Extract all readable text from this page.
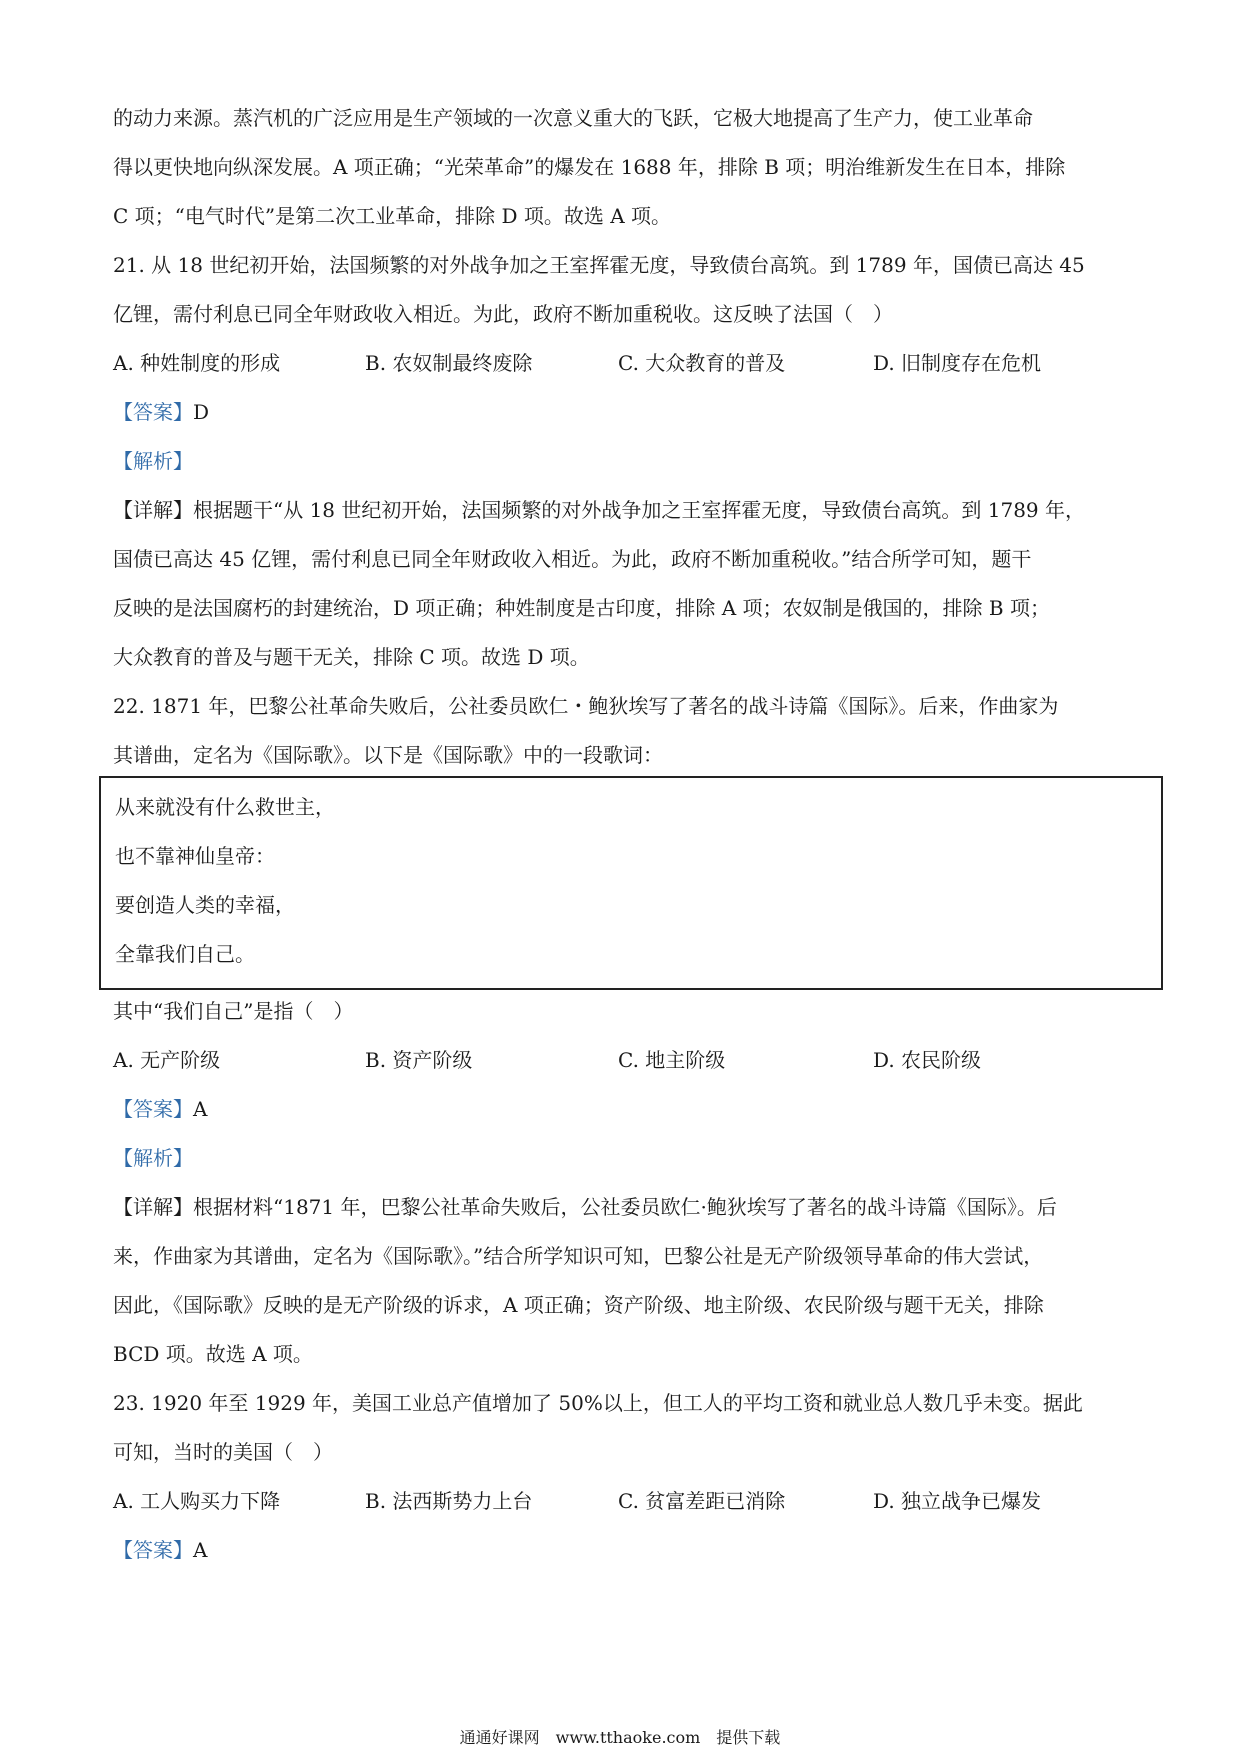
的动力来源。蒸汽机的广泛应用是生产领域的一次意义重大的飞跃，它极大地提高了生产力，使工业革命
得以更快地向纵深发展。A 项正确；“光荣革命”的爆发在 1688 年，排除 B 项；明治维新发生在日本，排除
C 项；“电气时代”是第二次工业革命，排除 D 项。故选 A 项。
21. 从 18 世纪初开始，法国频繁的对外战争加之王室挥霍无度，导致债台高筑。到 1789 年，国债已高达 45
亿锂，需付利息已同全年财政收入相近。为此，政府不断加重税收。这反映了法国（　）
A. 种姓制度的形成	B. 农奴制最终废除	C. 大众教育的普及	D. 旧制度存在危机
【答案】D
【解析】
【详解】根据题干“从 18 世纪初开始，法国频繁的对外战争加之王室挥霍无度，导致债台高筑。到 1789 年，
国债已高达 45 亿锂，需付利息已同全年财政收入相近。为此，政府不断加重税收。”结合所学可知，题干
反映的是法国腐朽的封建统治，D 项正确；种姓制度是古印度，排除 A 项；农奴制是俄国的，排除 B 项；
大众教育的普及与题干无关，排除 C 项。故选 D 项。
22. 1871 年，巴黎公社革命失败后，公社委员欧仁・鲍狄埃写了著名的战斗诗篇《国际》。后来，作曲家为
其谱曲，定名为《国际歌》。以下是《国际歌》中的一段歌词：
从来就没有什么救世主，
也不靠神仙皇帝：
要创造人类的幸福，
全靠我们自己。
其中“我们自己”是指（　）
A. 无产阶级	B. 资产阶级	C. 地主阶级	D. 农民阶级
【答案】A
【解析】
【详解】根据材料“1871 年，巴黎公社革命失败后，公社委员欧仁·鲍狄埃写了著名的战斗诗篇《国际》。后
来，作曲家为其谱曲，定名为《国际歌》。”结合所学知识可知，巴黎公社是无产阶级领导革命的伟大尝试，
因此，《国际歌》反映的是无产阶级的诉求，A 项正确；资产阶级、地主阶级、农民阶级与题干无关，排除
BCD 项。故选 A 项。
23. 1920 年至 1929 年，美国工业总产值增加了 50%以上，但工人的平均工资和就业总人数几乎未变。据此
可知，当时的美国（　）
A. 工人购买力下降	B. 法西斯势力上台	C. 贫富差距已消除	D. 独立战争已爆发
【答案】A
通通好课网　www.tthaoke.com　提供下载
